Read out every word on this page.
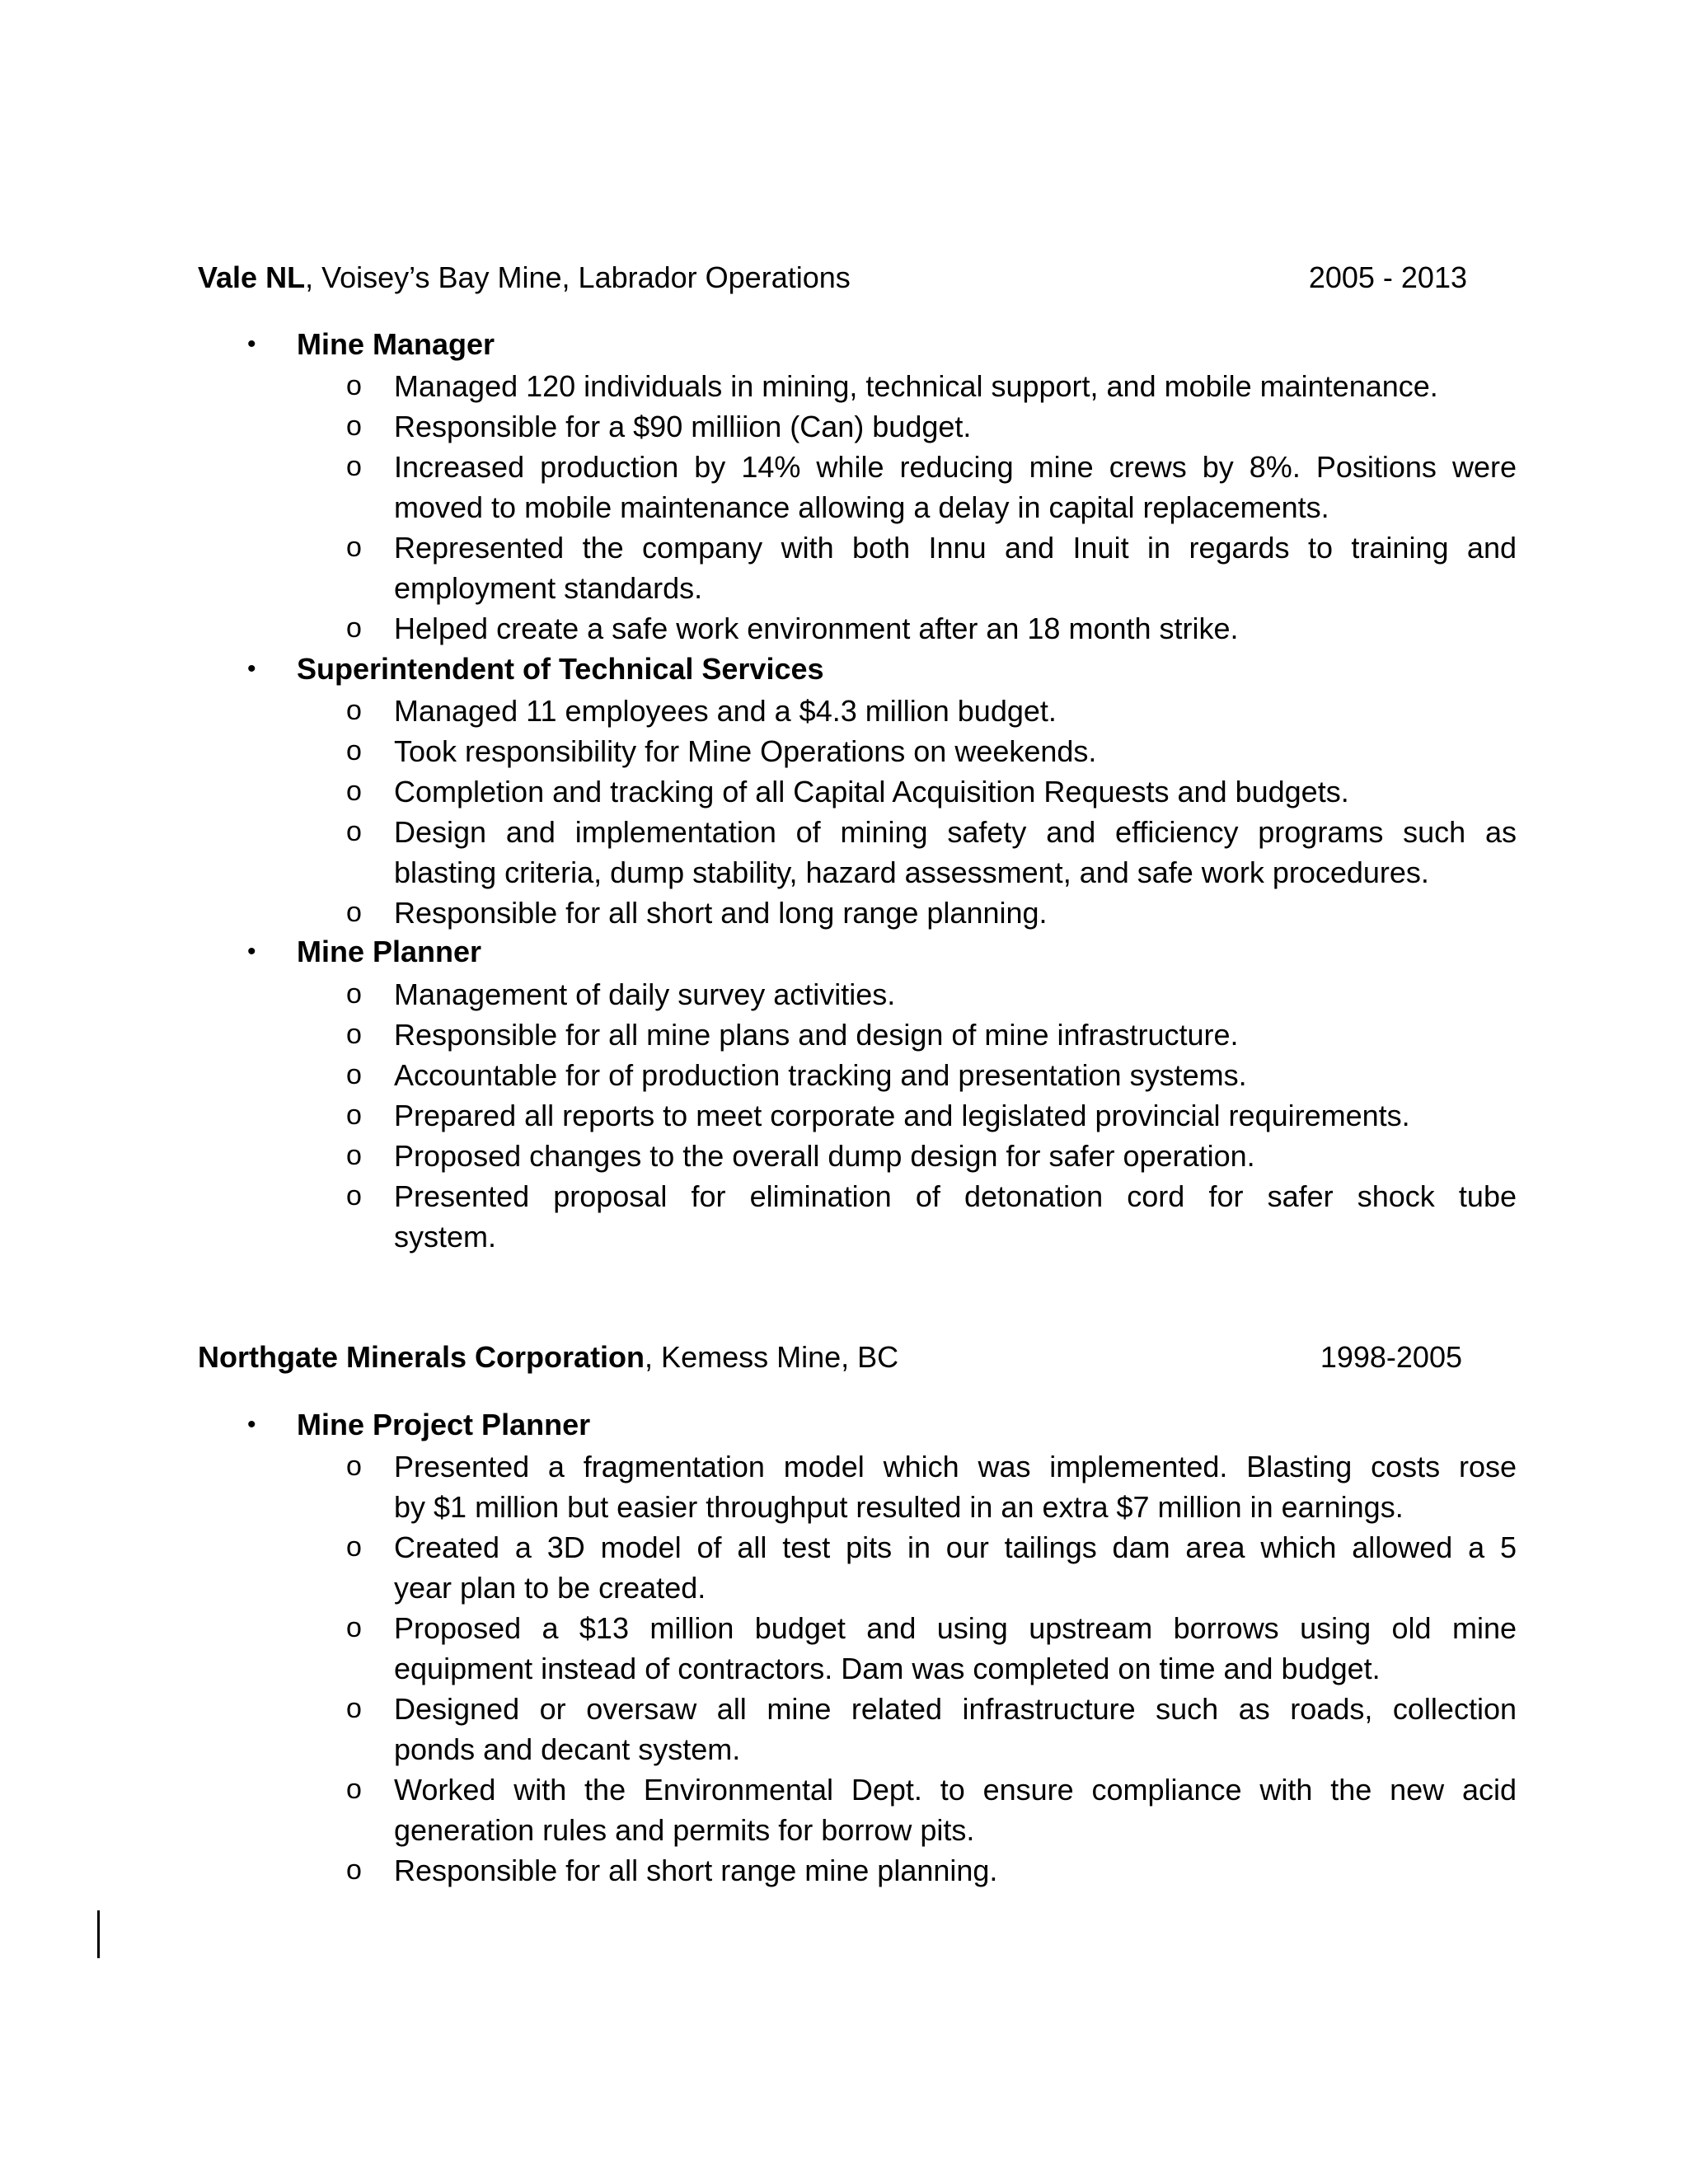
Vale NL, Voisey’s Bay Mine, Labrador Operations	2005 - 2013
•	Mine Manager
o	Managed 120 individuals in mining, technical support, and mobile maintenance.
o	Responsible for a $90 milliion (Can) budget.
o	Increased production by 14% while reducing mine crews by 8%. Positions were
moved to mobile maintenance allowing a delay in capital replacements.
o	Represented the company with both Innu and Inuit in regards to training and
employment standards.
o	Helped create a safe work environment after an 18 month strike.
•	Superintendent of Technical Services
o	Managed 11 employees and a $4.3 million budget.
o	Took responsibility for Mine Operations on weekends.
o	Completion and tracking of all Capital Acquisition Requests and budgets.
o	Design and implementation of mining safety and efficiency programs such as
blasting criteria, dump stability, hazard assessment, and safe work procedures.
o	Responsible for all short and long range planning.
•	Mine Planner
o	Management of daily survey activities.
o	Responsible for all mine plans and design of mine infrastructure.
o	Accountable for of production tracking and presentation systems.
o	Prepared all reports to meet corporate and legislated provincial requirements.
o	Proposed changes to the overall dump design for safer operation.
o	Presented proposal for elimination of detonation cord for safer shock tube
system.
Northgate Minerals Corporation, Kemess Mine, BC	1998-2005
•	Mine Project Planner
o	Presented a fragmentation model which was implemented. Blasting costs rose
by $1 million but easier throughput resulted in an extra $7 million in earnings.
o	Created a 3D model of all test pits in our tailings dam area which allowed a 5
year plan to be created.
o	Proposed a $13 million budget and using upstream borrows using old mine
equipment instead of contractors. Dam was completed on time and budget.
o	Designed or oversaw all mine related infrastructure such as roads, collection
ponds and decant system.
o	Worked with the Environmental Dept. to ensure compliance with the new acid
generation rules and permits for borrow pits.
o	Responsible for all short range mine planning.
